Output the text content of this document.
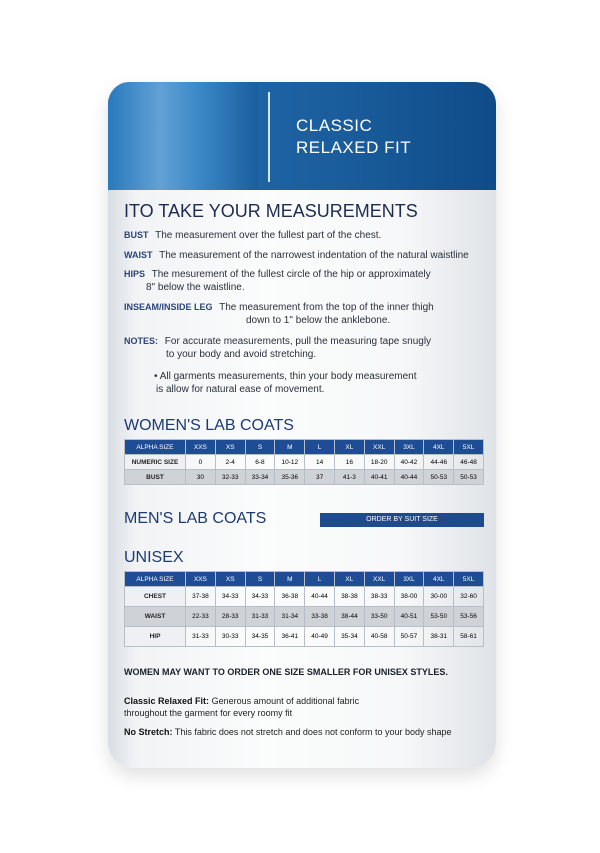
CLASSIC
RELAXED FIT
ITO TAKE YOUR MEASUREMENTS
BUST The measurement over the fullest part of the chest.
WAIST The measurement of the narrowest indentation of the natural waistline
HIPS The mesurement of the fullest circle of the hip or approximately
8" below the waistline.
INSEAM/INSIDE LEG The measurement from the top of the inner thigh
down to 1" below the anklebone.
NOTES: For accurate measurements, pull the measuring tape snugly
to your body and avoid stretching.
• All garments measurements, thin your body measurement
is allow for natural ease of movement.
WOMEN'S LAB COATS
ALPHA SIZE	XXS	XS	S	M	L	XL	XXL	3XL	4XL	5XL
NUMERIC SIZE	0	2-4	6-8	10-12	14	16	18-20	40-42	44-46	46-48
BUST	30	32-33	33-34	35-36	37	41-3	40-41	40-44	50-53	50-53
MEN'S LAB COATS	ORDER BY SUIT SIZE
UNISEX
ALPHA SIZE	XXS	XS	S	M	L	XL	XXL	3XL	4XL	5XL
CHEST	37-38	34-33	34-33	36-38	40-44	38-38	38-33	38-00	30-00	32-60
WAIST	22-33	28-33	31-33	31-34	33-38	38-44	33-50	40-51	53-50	53-56
HIP	31-33	30-33	34-35	36-41	40-49	35-34	40-58	50-57	38-31	58-61
WOMEN MAY WANT TO ORDER ONE SIZE SMALLER FOR UNISEX STYLES.
Classic Relaxed Fit: Generous amount of additional fabric
throughout the garment for every roomy fit
No Stretch: This fabric does not stretch and does not conform to your body shape
